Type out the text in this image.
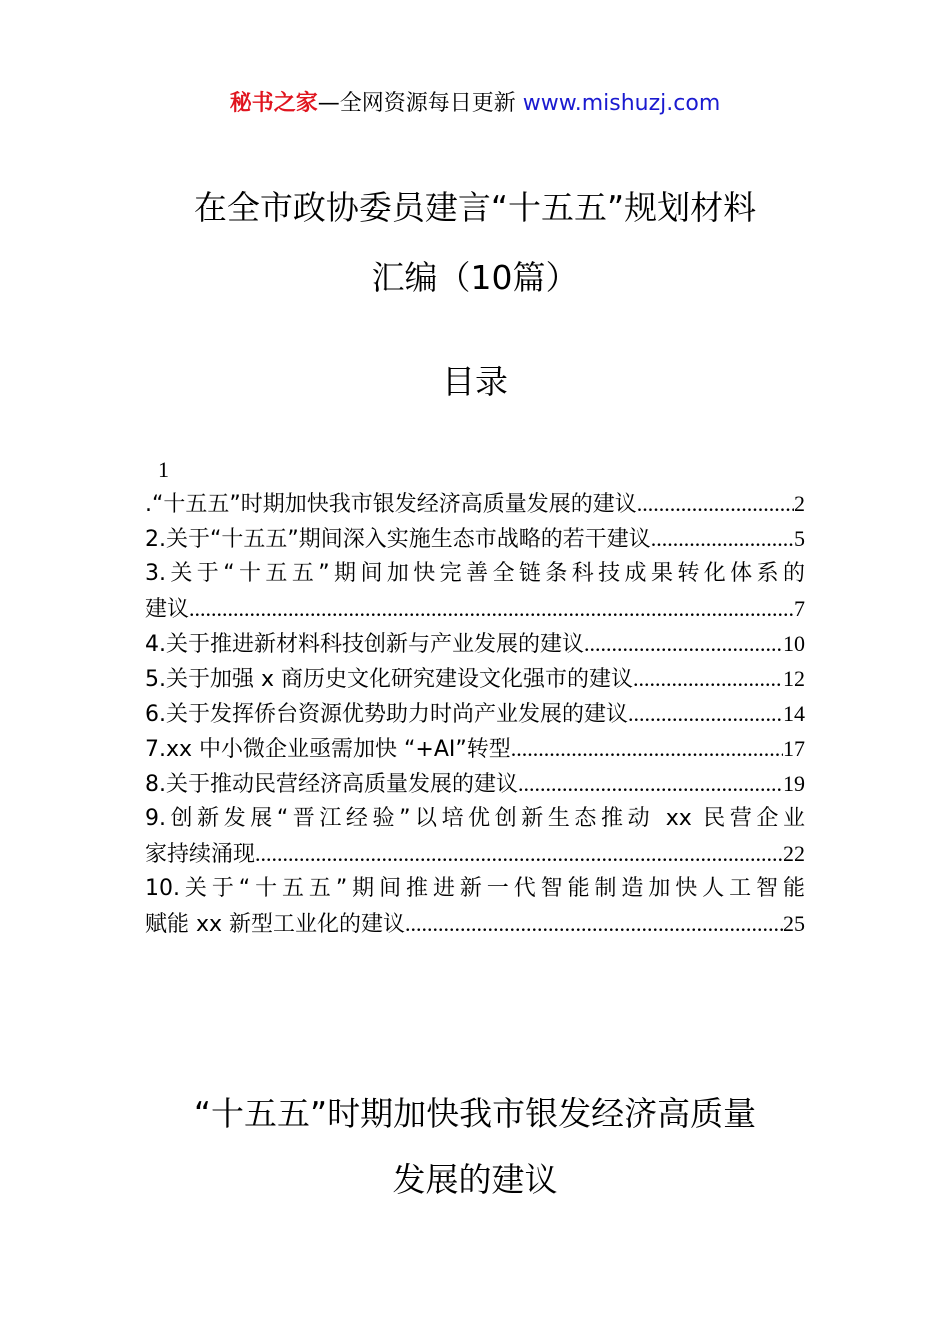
秘书之家—全网资源每日更新 www.mishuzj.com
在全市政协委员建言“十五五”规划材料
汇编（10篇）
目录
1
.“十五五”时期加快我市银发经济高质量发展的建议 .....	2
2.关于“十五五”期间深入实施生态市战略的若干建议 .....	5
3.关于“十五五”期间加快完善全链条科技成果转化体系的
建议 .....	7
4.关于推进新材料科技创新与产业发展的建议 .....	10
5.关于加强 x 商历史文化研究建设文化强市的建议 .....	12
6.关于发挥侨台资源优势助力时尚产业发展的建议 .....	14
7.xx 中小微企业亟需加快 “+AI”转型 .....	17
8.关于推动民营经济高质量发展的建议 .....	19
9.创新发展“晋江经验”以培优创新生态推动 xx 民营企业
家持续涌现 .....	22
10.关于“十五五”期间推进新一代智能制造加快人工智能
赋能 xx 新型工业化的建议 .....	25
“十五五”时期加快我市银发经济高质量
发展的建议
